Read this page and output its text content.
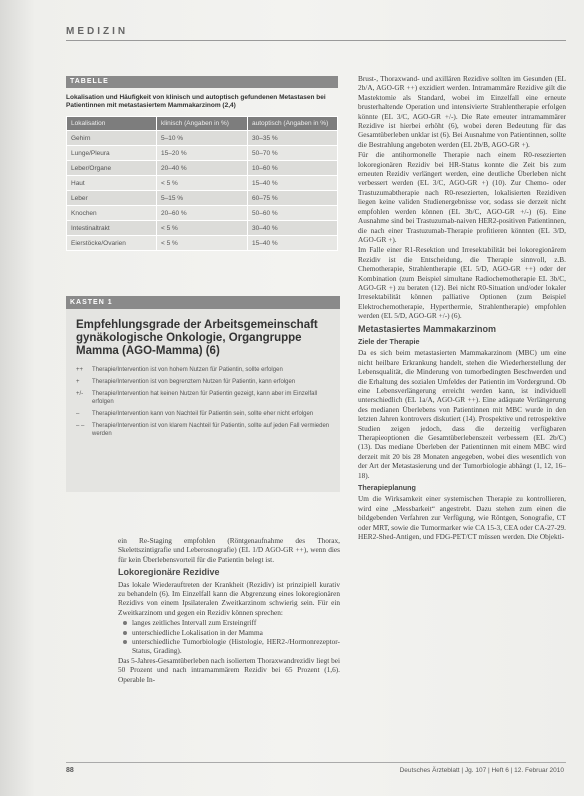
MEDIZIN
TABELLE
Lokalisation und Häufigkeit von klinisch und autoptisch gefundenen Metastasen bei Patientinnen mit metastasiertem Mammakarzinom (2,4)
Lokalisation	klinisch (Angaben in %)	autoptisch (Angaben in %)
Gehirn	5–10 %	30–35 %
Lunge/Pleura	15–20 %	50–70 %
Leber/Organe	20–40 %	10–60 %
Haut	< 5 %	15–40 %
Leber	5–15 %	60–75 %
Knochen	20–60 %	50–60 %
Intestinaltrakt	< 5 %	30–40 %
Eierstöcke/Ovarien	< 5 %	15–40 %
KASTEN 1
Empfehlungsgrade der Arbeitsgemeinschaft gynäkologische Onkologie, Organgruppe Mamma (AGO-Mamma) (6)
++	Therapie/Intervention ist von hohem Nutzen für Patientin, sollte erfolgen
+	Therapie/Intervention ist von begrenztem Nutzen für Patientin, kann erfolgen
+/-	Therapie/Intervention hat keinen Nutzen für Patientin gezeigt, kann aber im Einzelfall erfolgen
–	Therapie/Intervention kann von Nachteil für Patientin sein, sollte eher nicht erfolgen
– –	Therapie/Intervention ist von klarem Nachteil für Patientin, sollte auf jeden Fall vermieden werden

ein Re-Staging empfohlen (Röntgenaufnahme des Thorax, Skelettszintigrafie und Leberosnografie) (EL 1/D AGO-GR ++), wenn dies für kein Überlebensvorteil für die Patientin belegt ist.

Lokoregionäre Rezidive

Das lokale Wiederauftreten der Krankheit (Rezidiv) ist prinzipiell kurativ zu behandeln (6). Im Einzelfall kann die Abgrenzung eines lokoregionären Rezidivs von einem Ipsilateralen Zweitkarzinom schwierig sein. Für ein Zweitkarzinom und gegen ein Rezidiv können sprechen:

langes zeitliches Intervall zum Ersteingriff
unterschiedliche Lokalisation in der Mamma
unterschiedliche Tumorbiologie (Histologie, HER2-/Hormonrezeptor-Status, Grading).

Das 5-Jahres-Gesamtüberleben nach isoliertem Thoraxwandrezidiv liegt bei 50 Prozent und nach intramammärem Rezidiv bei 65 Prozent (1,6). Operable In-

Brust-, Thoraxwand- und axillären Rezidive sollten im Gesunden (EL 2b/A, AGO-GR ++) exzidiert werden. Intramammäre Rezidive gilt die Mastektomie als Standard, wobei im Einzelfall eine erneute brusterhaltende Operation und intensivierte Strahlentherapie erfolgen könnte (EL 3/C, AGO-GR +/-). Die Rate erneuter intramammärer Rezidive ist hierbei erhöht (6), wobei deren Bedeutung für das Gesamtüberleben unklar ist (6). Bei Ausnahme von Patientinnen, sollte die Bestrahlung angeboten werden (EL 2b/B, AGO-GR +).

Für die antihormonelle Therapie nach einem R0-resezierten lokoregionären Rezidiv bei HR-Status konnte die Zeit bis zum erneuten Rezidiv verlängert werden, eine deutliche Überleben nicht verbessert werden (EL 3/C, AGO-GR +) (10). Zur Chemo- oder Trastuzumabtherapie nach R0-resezierten, lokalisierten Rezidiven liegen keine validen Studienergebnisse vor, sodass sie derzeit nicht empfohlen werden können (EL 3b/C, AGO-GR +/-) (6). Eine Ausnahme sind bei Trastuzumab-naiven HER2-positiven Patientinnen, die nach einer Trastuzumab-Therapie profitieren könnten (EL 3/D, AGO-GR +).

Im Falle einer R1-Resektion und Irresektabilität bei lokoregionärem Rezidiv ist die Entscheidung, die Therapie sinnvoll, z.B. Chemotherapie, Strahlentherapie (EL 5/D, AGO-GR ++) oder der Kombination (zum Beispiel simultane Radiochemotherapie EL 3b/C, AGO-GR +) zu beraten (12). Bei nicht R0-Situation und/oder lokaler Irresektabilität können palliative Optionen (zum Beispiel Elektrochemotherapie, Hyperthermie, Strahlentherapie) empfohlen werden (EL 5/D, AGO-GR +/-) (6).

Metastasiertes Mammakarzinom
Ziele der Therapie

Da es sich beim metastasierten Mammakarzinom (MBC) um eine nicht heilbare Erkrankung handelt, stehen die Wiederherstellung der Lebensqualität, die Minderung von tumorbedingten Beschwerden und die Erhaltung des sozialen Umfeldes der Patientin im Vordergrund. Ob eine Lebensverlängerung erreicht werden kann, ist individuell unterschiedlich (EL 1a/A, AGO-GR ++). Eine adäquate Verlängerung des medianen Überlebens von Patientinnen mit MBC wurde in den letzten Jahren kontrovers diskutiert (14). Prospektive und retrospektive Studien zeigen jedoch, dass die derzeitig verfügbaren Therapieoptionen die Gesamtüberlebenszeit verbessern (EL 2b/C) (13). Das mediane Überleben der Patientinnen mit einem MBC wird derzeit mit 20 bis 28 Monaten angegeben, wobei dies wesentlich von der Art der Metastasierung und der Tumorbiologie abhängt (1, 12, 16–18).

Therapieplanung

Um die Wirksamkeit einer systemischen Therapie zu kontrollieren, wird eine „Messbarkeit“ angestrebt. Dazu stehen zum einen die bildgebenden Verfahren zur Verfügung, wie Röntgen, Sonografie, CT oder MRT, sowie die Tumormarker wie CA 15-3, CEA oder CA-27-29. HER2-Shed-Antigen, und FDG-PET/CT müssen werden. Die Objekti-

88	Deutsches Ärzteblatt | Jg. 107 | Heft 6 | 12. Februar 2010
